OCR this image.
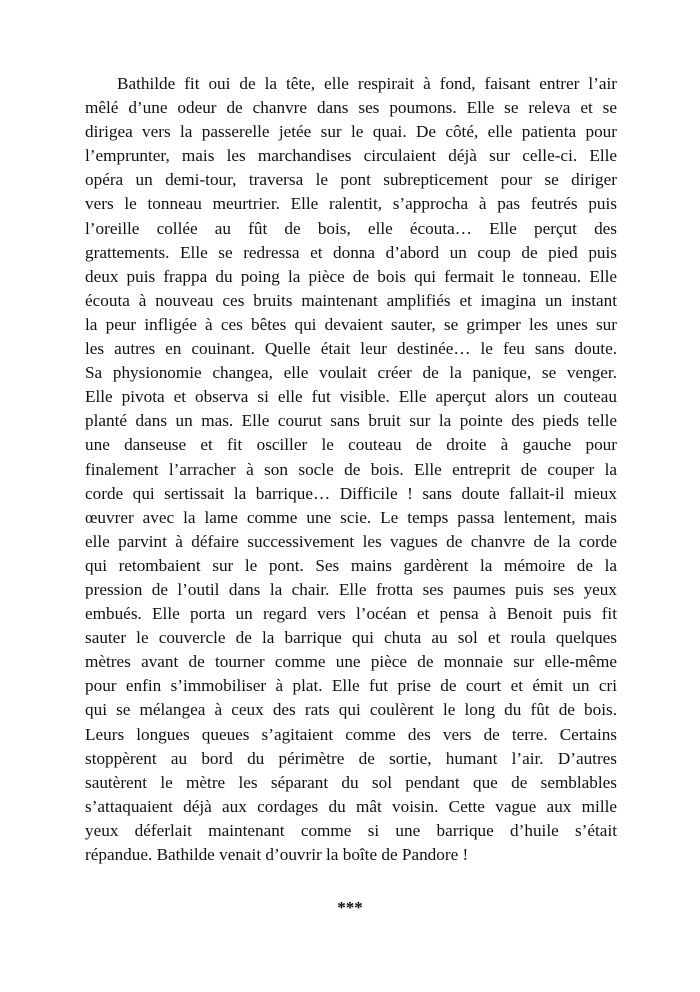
Bathilde fit oui de la tête, elle respirait à fond, faisant entrer l’air
mêlé d’une odeur de chanvre dans ses poumons. Elle se releva et se
dirigea vers la passerelle jetée sur le quai. De côté, elle patienta pour
l’emprunter, mais les marchandises circulaient déjà sur celle-ci. Elle
opéra un demi-tour, traversa le pont subrepticement pour se diriger
vers le tonneau meurtrier. Elle ralentit, s’approcha à pas feutrés puis
l’oreille collée au fût de bois, elle écouta… Elle perçut des
grattements. Elle se redressa et donna d’abord un coup de pied puis
deux puis frappa du poing la pièce de bois qui fermait le tonneau. Elle
écouta à nouveau ces bruits maintenant amplifiés et imagina un instant
la peur infligée à ces bêtes qui devaient sauter, se grimper les unes sur
les autres en couinant. Quelle était leur destinée… le feu sans doute.
Sa physionomie changea, elle voulait créer de la panique, se venger.
Elle pivota et observa si elle fut visible. Elle aperçut alors un couteau
planté dans un mas. Elle courut sans bruit sur la pointe des pieds telle
une danseuse et fit osciller le couteau de droite à gauche pour
finalement l’arracher à son socle de bois. Elle entreprit de couper la
corde qui sertissait la barrique… Difficile ! sans doute fallait-il mieux
œuvrer avec la lame comme une scie. Le temps passa lentement, mais
elle parvint à défaire successivement les vagues de chanvre de la corde
qui retombaient sur le pont. Ses mains gardèrent la mémoire de la
pression de l’outil dans la chair. Elle frotta ses paumes puis ses yeux
embués. Elle porta un regard vers l’océan et pensa à Benoit puis fit
sauter le couvercle de la barrique qui chuta au sol et roula quelques
mètres avant de tourner comme une pièce de monnaie sur elle-même
pour enfin s’immobiliser à plat. Elle fut prise de court et émit un cri
qui se mélangea à ceux des rats qui coulèrent le long du fût de bois.
Leurs longues queues s’agitaient comme des vers de terre. Certains
stoppèrent au bord du périmètre de sortie, humant l’air. D’autres
sautèrent le mètre les séparant du sol pendant que de semblables
s’attaquaient déjà aux cordages du mât voisin. Cette vague aux mille
yeux déferlait maintenant comme si une barrique d’huile s’était
répandue. Bathilde venait d’ouvrir la boîte de Pandore !
***
